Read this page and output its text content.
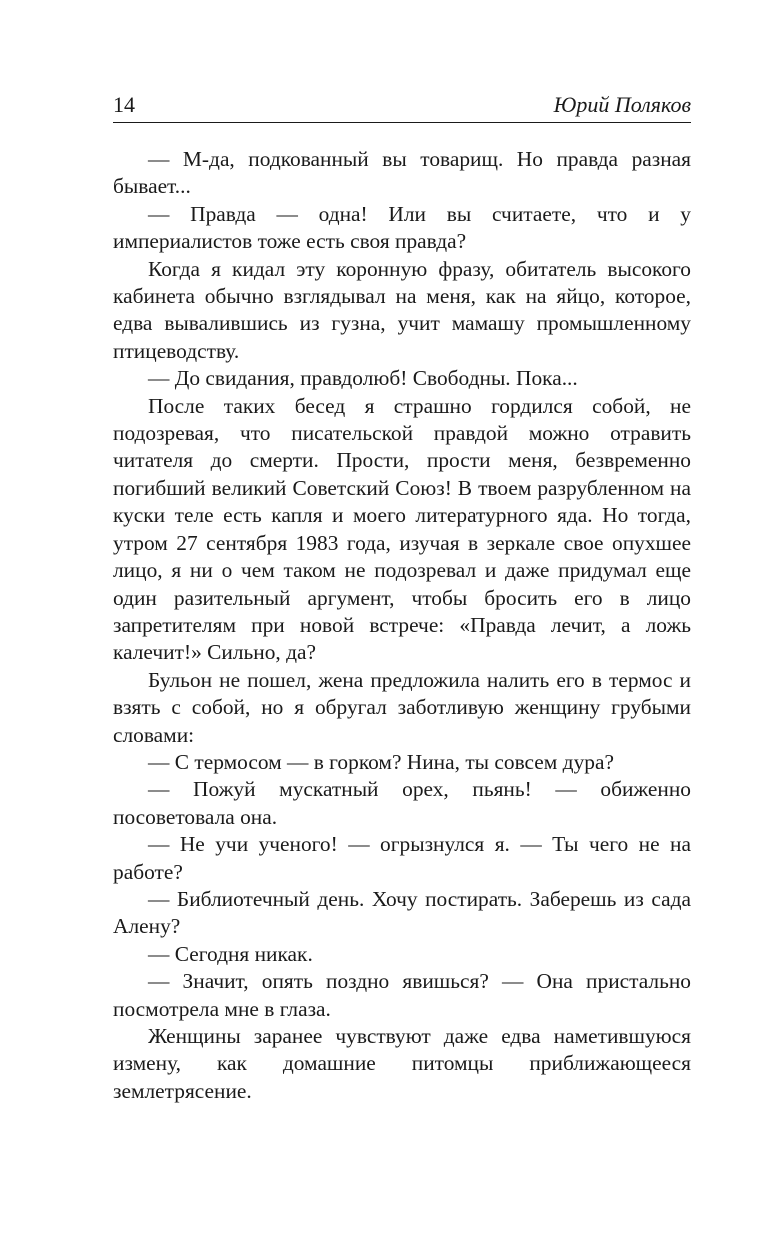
14	Юрий Поляков

— М-да, подкованный вы товарищ. Но правда разная бывает...

— Правда — одна! Или вы считаете, что и у империалистов тоже есть своя правда?

Когда я кидал эту коронную фразу, обитатель высокого кабинета обычно взглядывал на меня, как на яйцо, которое, едва вывалившись из гузна, учит мамашу промышленному птицеводству.

— До свидания, правдолюб! Свободны. Пока...

После таких бесед я страшно гордился собой, не подозревая, что писательской правдой можно отравить читателя до смерти. Прости, прости меня, безвременно погибший великий Советский Союз! В твоем разрубленном на куски теле есть капля и моего литературного яда. Но тогда, утром 27 сентября 1983 года, изучая в зеркале свое опухшее лицо, я ни о чем таком не подозревал и даже придумал еще один разительный аргумент, чтобы бросить его в лицо запретителям при новой встрече: «Правда лечит, а ложь калечит!» Сильно, да?

Бульон не пошел, жена предложила налить его в термос и взять с собой, но я обругал заботливую женщину грубыми словами:

— С термосом — в горком? Нина, ты совсем дура?

— Пожуй мускатный орех, пьянь! — обиженно посоветовала она.

— Не учи ученого! — огрызнулся я. — Ты чего не на работе?

— Библиотечный день. Хочу постирать. Заберешь из сада Алену?

— Сегодня никак.

— Значит, опять поздно явишься? — Она пристально посмотрела мне в глаза.

Женщины заранее чувствуют даже едва наметившуюся измену, как домашние питомцы приближающееся землетрясение.
